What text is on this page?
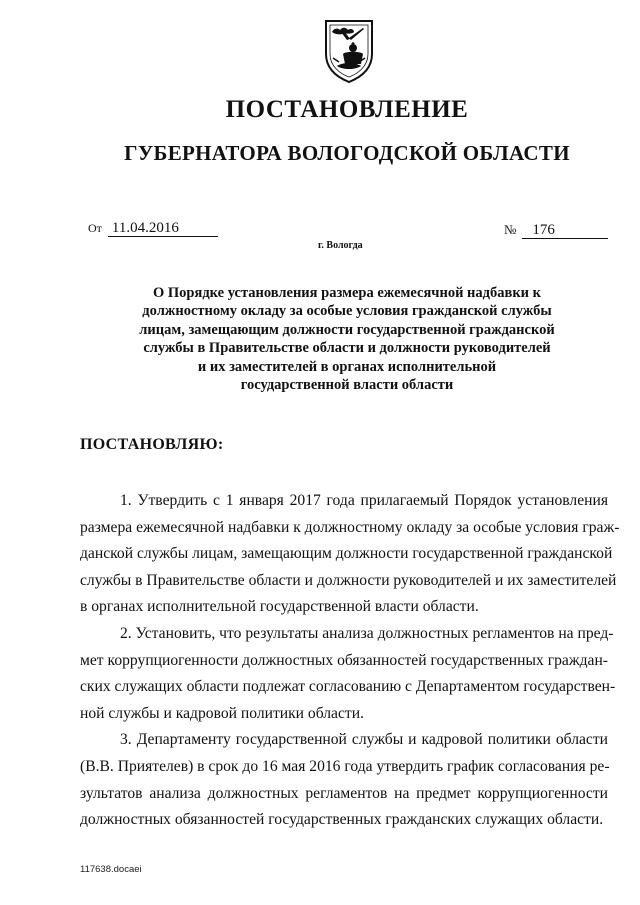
ПОСТАНОВЛЕНИЕ
ГУБЕРНАТОРА ВОЛОГОДСКОЙ ОБЛАСТИ
От 11.04.2016	№ 176
г. Вологда
О Порядке установления размера ежемесячной надбавки к
должностному окладу за особые условия гражданской службы
лицам, замещающим должности государственной гражданской
службы в Правительстве области и должности руководителей
и их заместителей в органах исполнительной
государственной власти области
ПОСТАНОВЛЯЮ:
1. Утвердить с 1 января 2017 года прилагаемый Порядок установления
размера ежемесячной надбавки к должностному окладу за особые условия граж-
данской службы лицам, замещающим должности государственной гражданской
службы в Правительстве области и должности руководителей и их заместителей
в органах исполнительной государственной власти области.
2. Установить, что результаты анализа должностных регламентов на пред-
мет коррупциогенности должностных обязанностей государственных граждан-
ских служащих области подлежат согласованию с Департаментом государствен-
ной службы и кадровой политики области.
3. Департаменту государственной службы и кадровой политики области
(В.В. Приятелев) в срок до 16 мая 2016 года утвердить график согласования ре-
зультатов анализа должностных регламентов на предмет коррупциогенности
должностных обязанностей государственных гражданских служащих области.
117638.docaei
